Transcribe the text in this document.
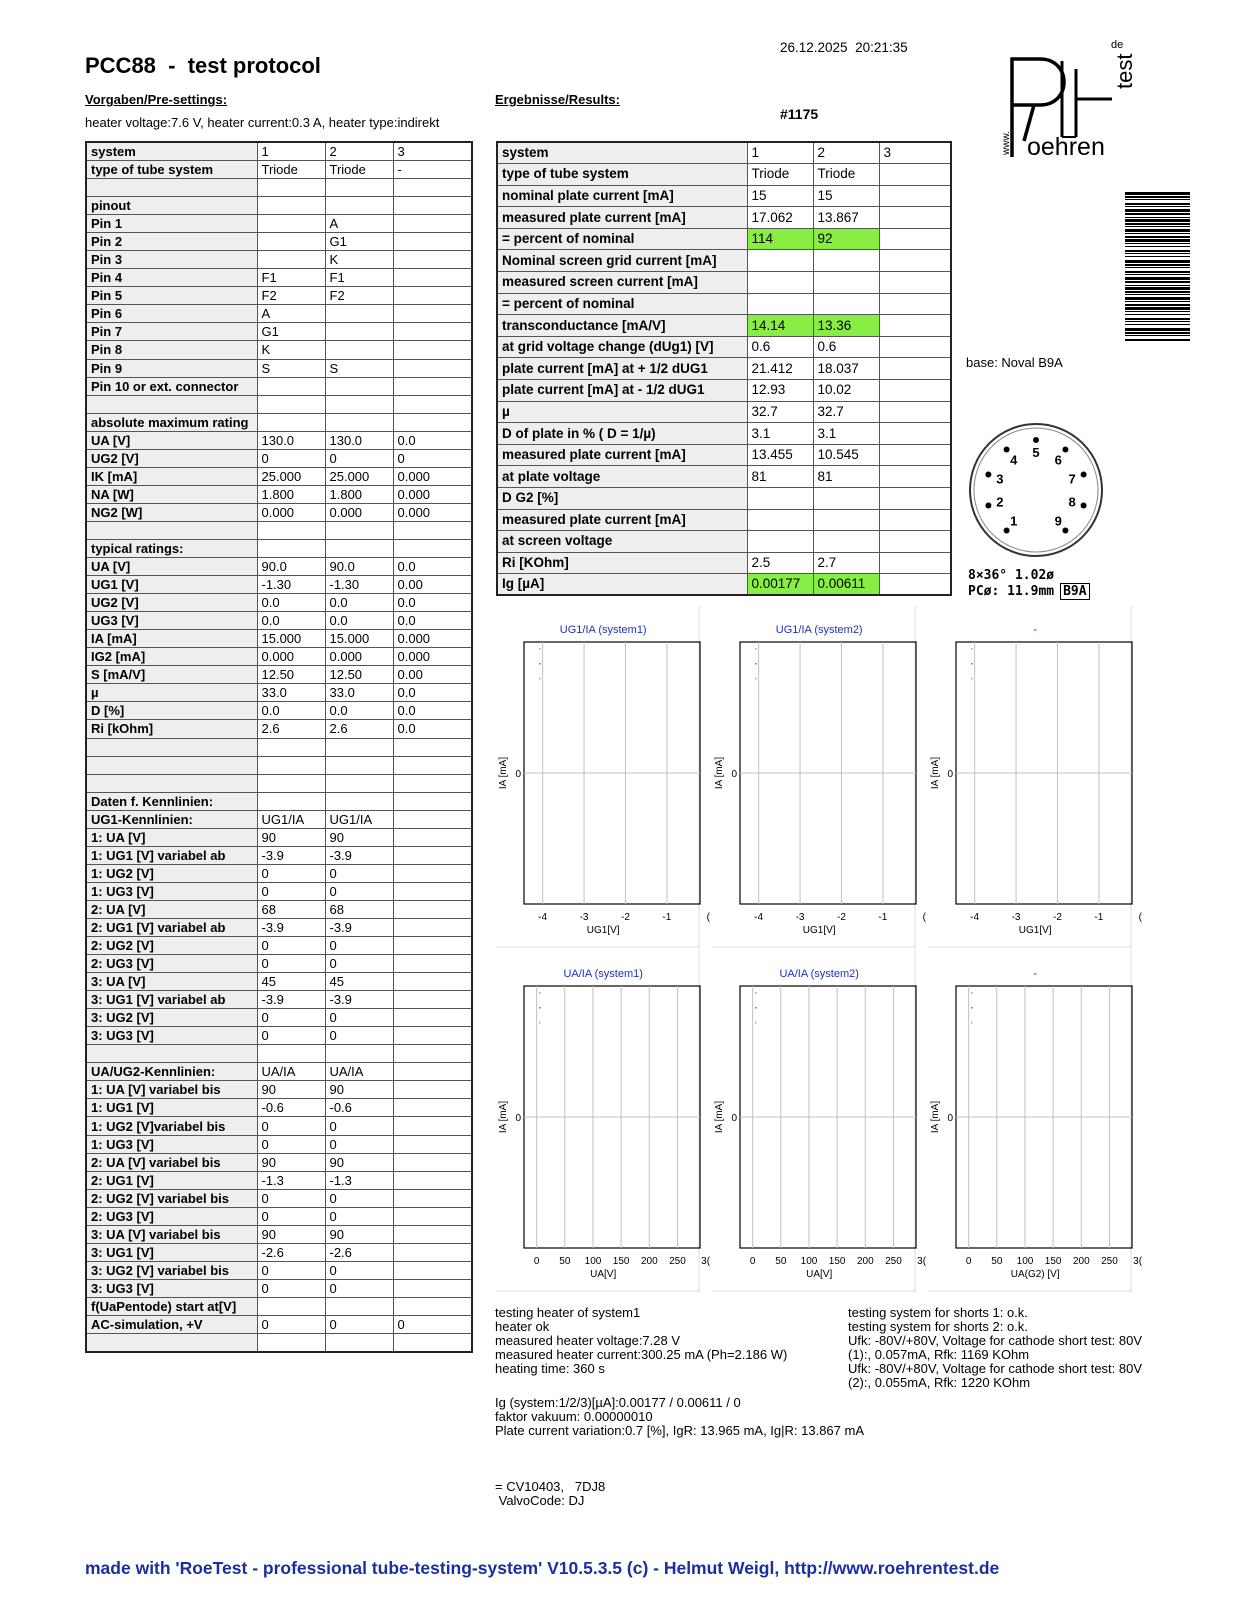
PCC88  -  test protocol
26.12.2025  20:21:35
Vorgaben/Pre-settings:
heater voltage:7.6 V, heater current:0.3 A, heater type:indirekt
Ergebnisse/Results:
#1175
system	1	2	3
type of tube system	Triode	Triode	-

pinout			
Pin 1		A	
Pin 2		G1	
Pin 3		K	
Pin 4	F1	F1	
Pin 5	F2	F2	
Pin 6	A		
Pin 7	G1		
Pin 8	K		
Pin 9	S	S	
Pin 10 or ext. connector			

absolute maximum rating			
UA [V]	130.0	130.0	0.0
UG2 [V]	0	0	0
IK [mA]	25.000	25.000	0.000
NA [W]	1.800	1.800	0.000
NG2 [W]	0.000	0.000	0.000

typical ratings:			
UA [V]	90.0	90.0	0.0
UG1 [V]	-1.30	-1.30	0.00
UG2 [V]	0.0	0.0	0.0
UG3 [V]	0.0	0.0	0.0
IA [mA]	15.000	15.000	0.000
IG2 [mA]	0.000	0.000	0.000
S [mA/V]	12.50	12.50	0.00
µ	33.0	33.0	0.0
D [%]	0.0	0.0	0.0
Ri [kOhm]	2.6	2.6	0.0

Daten f. Kennlinien:			
UG1-Kennlinien:	UG1/IA	UG1/IA	
1: UA [V]	90	90	
1: UG1 [V] variabel ab	-3.9	-3.9	
1: UG2 [V]	0	0	
1: UG3 [V]	0	0	
2: UA [V]	68	68	
2: UG1 [V] variabel ab	-3.9	-3.9	
2: UG2 [V]	0	0	
2: UG3 [V]	0	0	
3: UA [V]	45	45	
3: UG1 [V] variabel ab	-3.9	-3.9	
3: UG2 [V]	0	0	
3: UG3 [V]	0	0	

UA/UG2-Kennlinien:	UA/IA	UA/IA	
1: UA [V] variabel bis	90	90	
1: UG1 [V]	-0.6	-0.6	
1: UG2 [V]variabel bis	0	0	
1: UG3 [V]	0	0	
2: UA [V] variabel bis	90	90	
2: UG1 [V]	-1.3	-1.3	
2: UG2 [V] variabel bis	0	0	
2: UG3 [V]	0	0	
3: UA [V] variabel bis	90	90	
3: UG1 [V]	-2.6	-2.6	
3: UG2 [V] variabel bis	0	0	
3: UG3 [V]	0	0	
f(UaPentode) start at[V]			
AC-simulation, +V	0	0	0

system	1	2	3
type of tube system	Triode	Triode	
nominal plate current [mA]	15	15	
measured plate current [mA]	17.062	13.867	
= percent of nominal	114	92	
Nominal screen grid current [mA]			
measured screen current [mA]			
= percent of nominal			
transconductance [mA/V]	14.14	13.36	
at grid voltage change (dUg1) [V]	0.6	0.6	
plate current [mA] at + 1/2 dUG1	21.412	18.037	
plate current [mA] at - 1/2 dUG1	12.93	10.02	
µ	32.7	32.7	
D of plate in % ( D = 1/µ)	3.1	3.1	
measured plate current [mA]	13.455	10.545	
at plate voltage	81	81	
D G2 [%]			
measured plate current [mA]			
at screen voltage			
Ri [KOhm]	2.5	2.7	
Ig [µA]	0.00177	0.00611	
de
test
www. oehren
base: Noval B9A
1
2
3
4 5 6
7
8
9
8×36° 1.02ø
PCø: 11.9mm B9A
-4	-3	-2	-1	(
UG1/IA (system1)
UG1[V]
IA [mA] 0
-4	-3	-2	-1	(
UG1/IA (system2)
UG1[V]
IA [mA] 0
-4	-3	-2	-1	(
-
UG1[V]
IA [mA] 0
0 50 100 150 200 250 3(
UA/IA (system1)
UA[V]
IA [mA] 0
0 50 100 150 200 250 3(
UA/IA (system2)
UA[V]
IA [mA] 0
0 50 100 150 200 250 3(
-
UA(G2) [V]
IA [mA] 0
testing heater of system1
heater ok
measured heater voltage:7.28 V
measured heater current:300.25 mA (Ph=2.186 W)
heating time: 360 s
testing system for shorts 1: o.k.
testing system for shorts 2: o.k.
Ufk: -80V/+80V, Voltage for cathode short test: 80V
(1):, 0.057mA, Rfk: 1169 KOhm
Ufk: -80V/+80V, Voltage for cathode short test: 80V
(2):, 0.055mA, Rfk: 1220 KOhm
Ig (system:1/2/3)[µA]:0.00177 / 0.00611 / 0
faktor vakuum: 0.00000010
Plate current variation:0.7 [%], IgR: 13.965 mA, Ig|R: 13.867 mA
= CV10403,   7DJ8
ValvoCode: DJ
made with 'RoeTest - professional tube-testing-system' V10.5.3.5 (c) - Helmut Weigl, http://www.roehrentest.de
